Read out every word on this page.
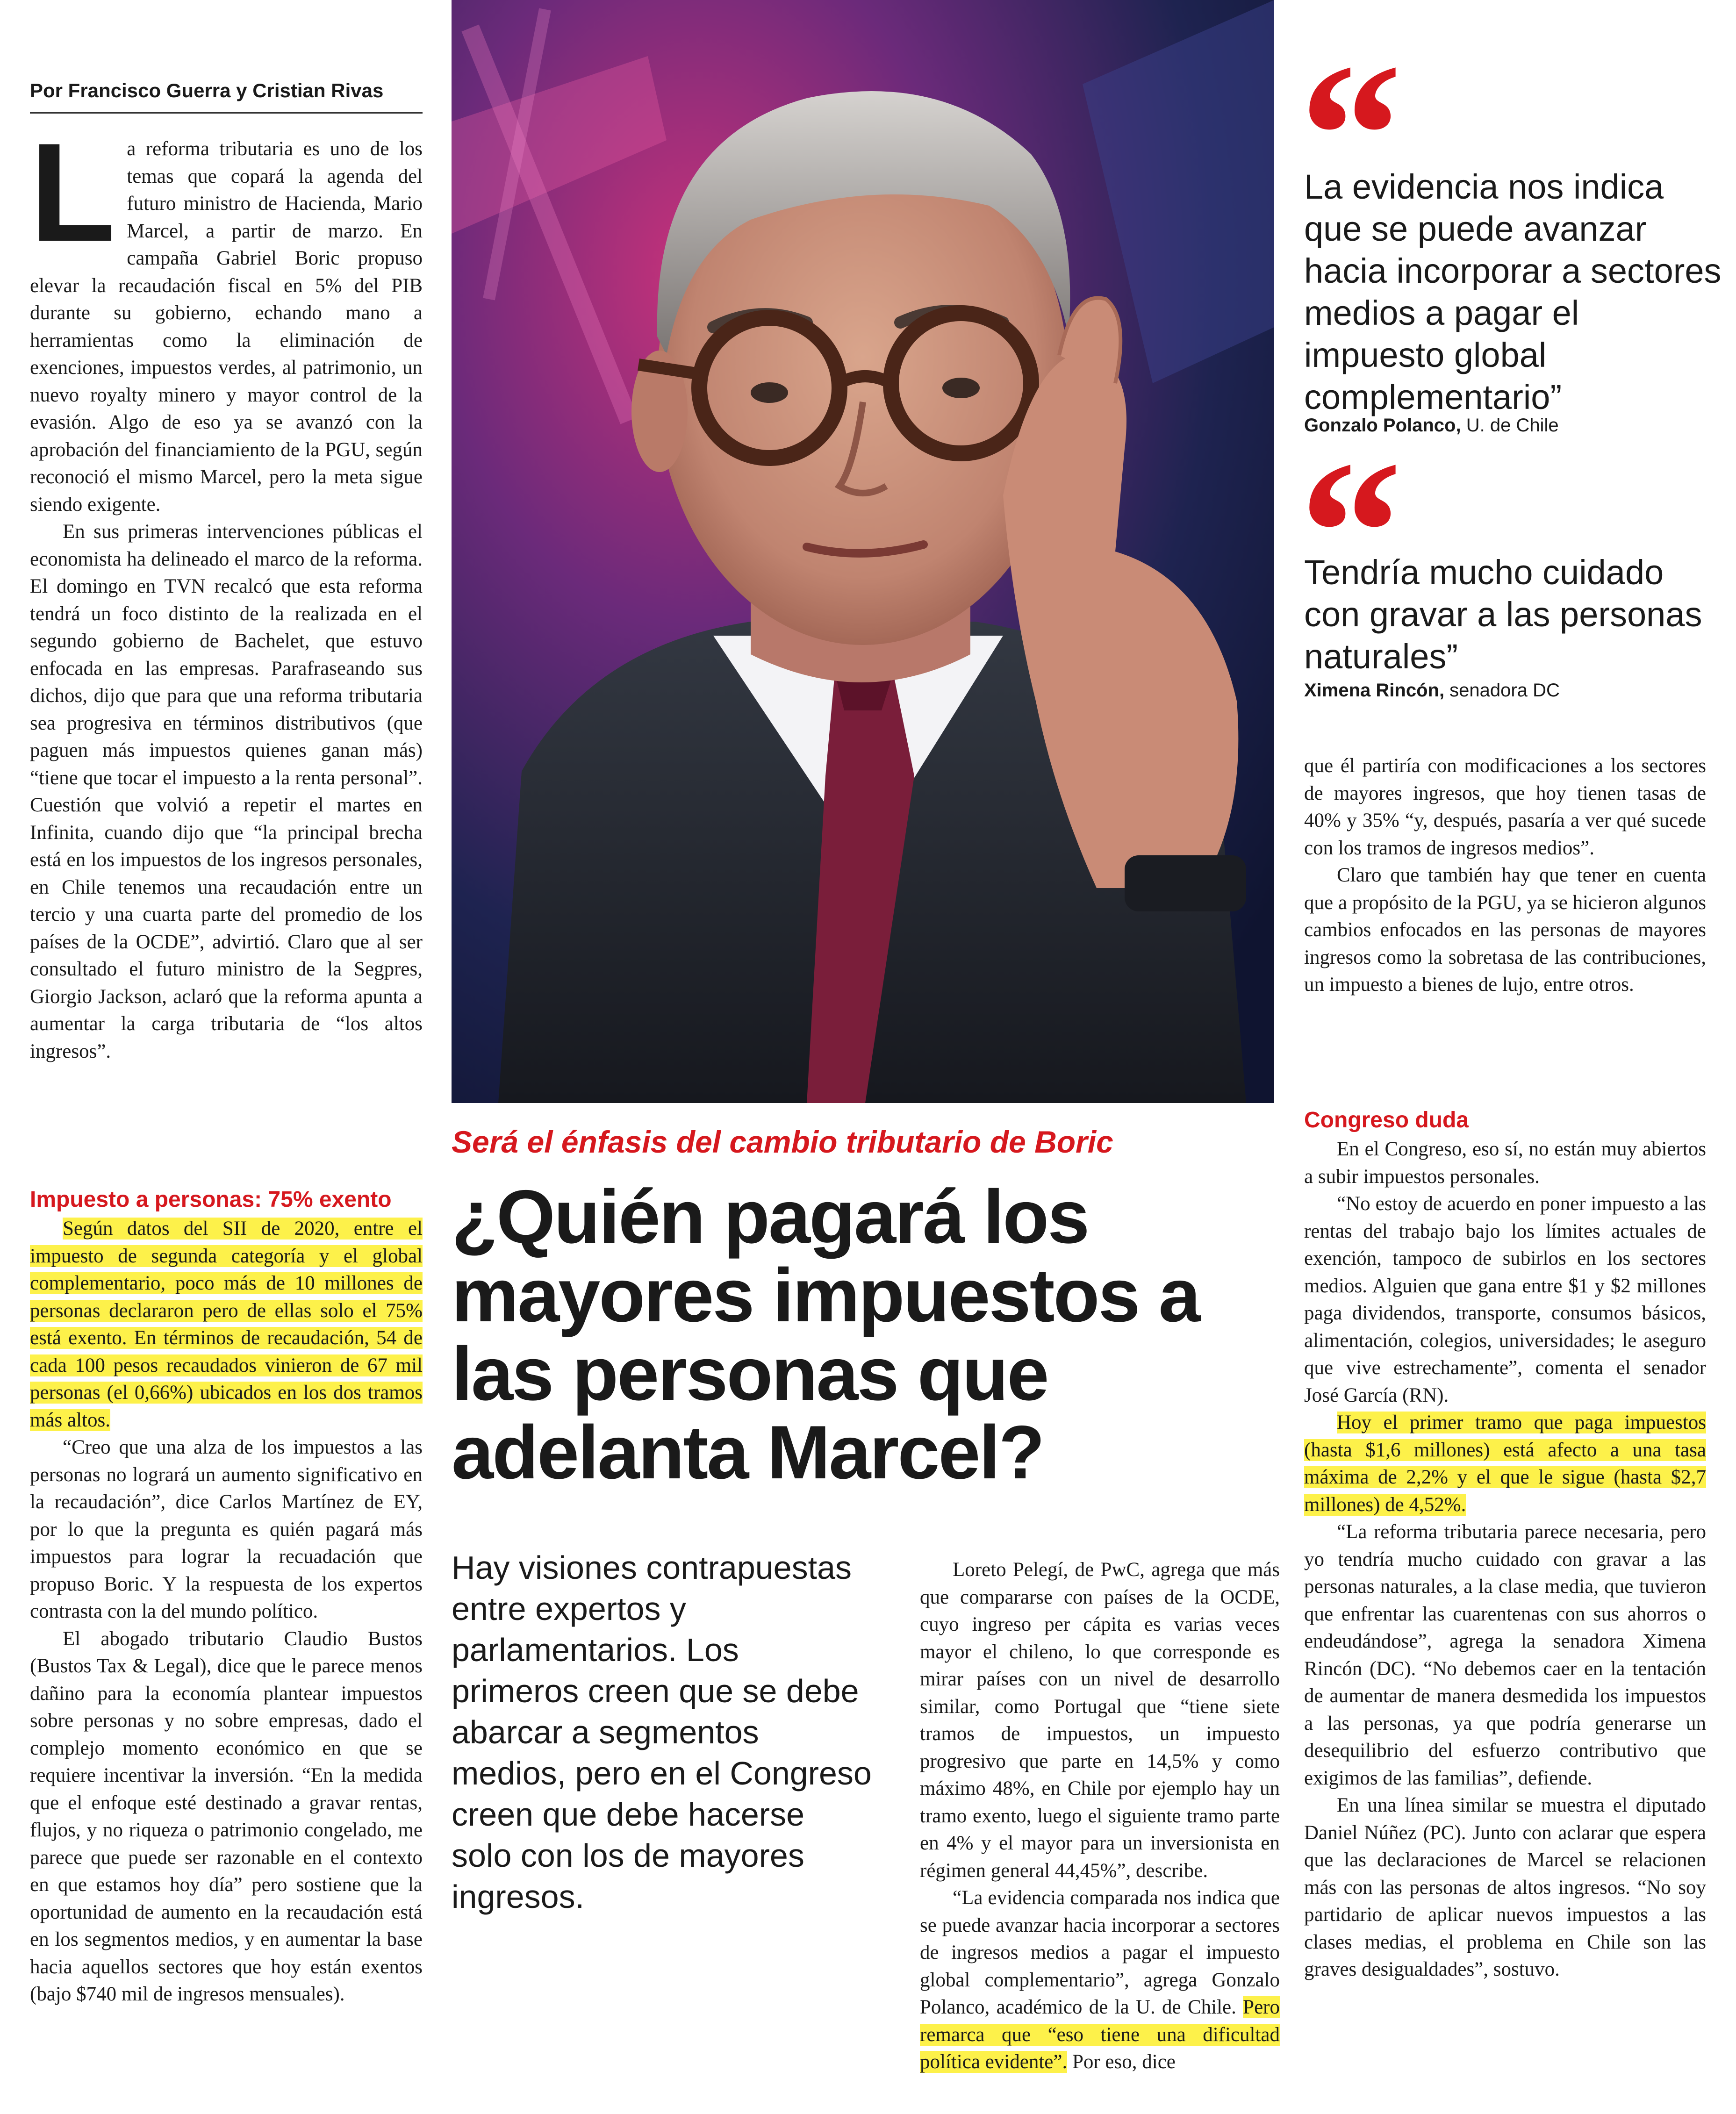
Por Francisco Guerra y Cristian Rivas
L a reforma tributaria es uno de los temas que copará la agenda del futuro ministro de Hacienda, Mario Marcel, a partir de marzo. En campaña Gabriel Boric propuso elevar la recaudación fiscal en 5% del PIB durante su gobierno, echando mano a herramientas como la eliminación de exenciones, impuestos verdes, al patrimonio, un nuevo royalty minero y mayor control de la evasión. Algo de eso ya se avanzó con la aprobación del financiamiento de la PGU, según reconoció el mismo Marcel, pero la meta sigue siendo exigente.

En sus primeras intervenciones públicas el economista ha delineado el marco de la reforma. El domingo en TVN recalcó que esta reforma tendrá un foco distinto de la realizada en el segundo gobierno de Bachelet, que estuvo enfocada en las empresas. Parafraseando sus dichos, dijo que para que una reforma tributaria sea progresiva en términos distributivos (que paguen más impuestos quienes ganan más) “tiene que tocar el impuesto a la renta personal”. Cuestión que volvió a repetir el martes en Infinita, cuando dijo que “la principal brecha está en los impuestos de los ingresos personales, en Chile tenemos una recaudación entre un tercio y una cuarta parte del promedio de los países de la OCDE”, advirtió. Claro que al ser consultado el futuro ministro de la Segpres, Giorgio Jackson, aclaró que la reforma apunta a aumentar la carga tributaria de “los altos ingresos”.

Impuesto a personas: 75% exento

Según datos del SII de 2020, entre el impuesto de segunda categoría y el global complementario, poco más de 10 millones de personas declararon pero de ellas solo el 75% está exento. En términos de recaudación, 54 de cada 100 pesos recaudados vinieron de 67 mil personas (el 0,66%) ubicados en los dos tramos más altos.

“Creo que una alza de los impuestos a las personas no logrará un aumento significativo en la recaudación”, dice Carlos Martínez de EY, por lo que la pregunta es quién pagará más impuestos para lograr la recuadación que propuso Boric. Y la respuesta de los expertos contrasta con la del mundo político.

El abogado tributario Claudio Bustos (Bustos Tax & Legal), dice que le parece menos dañino para la economía plantear impuestos sobre personas y no sobre empresas, dado el complejo momento económico en que se requiere incentivar la inversión. “En la medida que el enfoque esté destinado a gravar rentas, flujos, y no riqueza o patrimonio congelado, me parece que puede ser razonable en el contexto en que estamos hoy día” pero sostiene que la oportunidad de aumento en la recaudación está en los segmentos medios, y en aumentar la base hacia aquellos sectores que hoy están exentos (bajo $740 mil de ingresos mensuales).

Será el énfasis del cambio tributario de Boric
¿Quién pagará los mayores impuestos a las personas que adelanta Marcel?
Hay visiones contrapuestas entre expertos y parlamentarios. Los primeros creen que se debe abarcar a segmentos medios, pero en el Congreso creen que debe hacerse solo con los de mayores ingresos.

Loreto Pelegí, de PwC, agrega que más que compararse con países de la OCDE, cuyo ingreso per cápita es varias veces mayor el chileno, lo que corresponde es mirar países con un nivel de desarrollo similar, como Portugal que “tiene siete tramos de impuestos, un impuesto progresivo que parte en 14,5% y como máximo 48%, en Chile por ejemplo hay un tramo exento, luego el siguiente tramo parte en 4% y el mayor para un inversionista en régimen general 44,45%”, describe.

“La evidencia comparada nos indica que se puede avanzar hacia incorporar a sectores de ingresos medios a pagar el impuesto global complementario”, agrega Gonzalo Polanco, académico de la U. de Chile. Pero remarca que “eso tiene una dificultad política evidente”. Por eso, dice

La evidencia nos indica que se puede avanzar hacia incorporar a sectores medios a pagar el impuesto global complementario”
Gonzalo Polanco, U. de Chile
Tendría mucho cuidado con gravar a las personas naturales”
Ximena Rincón, senadora DC

que él partiría con modificaciones a los sectores de mayores ingresos, que hoy tienen tasas de 40% y 35% “y, después, pasaría a ver qué sucede con los tramos de ingresos medios”.

Claro que también hay que tener en cuenta que a propósito de la PGU, ya se hicieron algunos cambios enfocados en las personas de mayores ingresos como la sobretasa de las contribuciones, un impuesto a bienes de lujo, entre otros.

Congreso duda

En el Congreso, eso sí, no están muy abiertos a subir impuestos personales.

“No estoy de acuerdo en poner impuesto a las rentas del trabajo bajo los límites actuales de exención, tampoco de subirlos en los sectores medios. Alguien que gana entre $1 y $2 millones paga dividendos, transporte, consumos básicos, alimentación, colegios, universidades; le aseguro que vive estrechamente”, comenta el senador José García (RN).

Hoy el primer tramo que paga impuestos (hasta $1,6 millones) está afecto a una tasa máxima de 2,2% y el que le sigue (hasta $2,7 millones) de 4,52%.

“La reforma tributaria parece necesaria, pero yo tendría mucho cuidado con gravar a las personas naturales, a la clase media, que tuvieron que enfrentar las cuarentenas con sus ahorros o endeudándose”, agrega la senadora Ximena Rincón (DC). “No debemos caer en la tentación de aumentar de manera desmedida los impuestos a las personas, ya que podría generarse un desequilibrio del esfuerzo contributivo que exigimos de las familias”, defiende.

En una línea similar se muestra el diputado Daniel Núñez (PC). Junto con aclarar que espera que las declaraciones de Marcel se relacionen más con las personas de altos ingresos. “No soy partidario de aplicar nuevos impuestos a las clases medias, el problema en Chile son las graves desigualdades”, sostuvo.
